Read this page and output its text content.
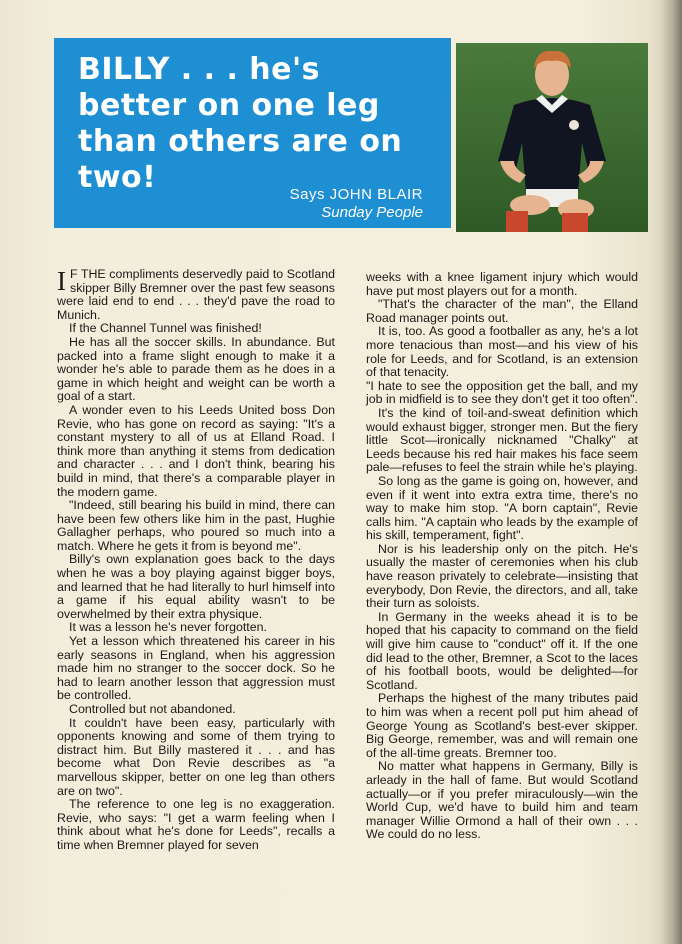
BILLY . . . he's better on one leg than others are on two!	Says JOHN BLAIR
Sunday People

I F THE compliments deservedly paid to Scotland skipper Billy Bremner over the past few seasons were laid end to end . . . they'd pave the road to Munich.

If the Channel Tunnel was finished!

He has all the soccer skills. In abundance. But packed into a frame slight enough to make it a wonder he's able to parade them as he does in a game in which height and weight can be worth a goal of a start.

A wonder even to his Leeds United boss Don Revie, who has gone on record as saying: "It's a constant mystery to all of us at Elland Road. I think more than anything it stems from dedication and character . . . and I don't think, bearing his build in mind, that there's a comparable player in the modern game.

"Indeed, still bearing his build in mind, there can have been few others like him in the past, Hughie Gallagher perhaps, who poured so much into a match. Where he gets it from is beyond me".

Billy's own explanation goes back to the days when he was a boy playing against bigger boys, and learned that he had literally to hurl himself into a game if his equal ability wasn't to be overwhelmed by their extra physique.

It was a lesson he's never forgotten.

Yet a lesson which threatened his career in his early seasons in England, when his aggression made him no stranger to the soccer dock. So he had to learn another lesson that aggression must be controlled.

Controlled but not abandoned.

It couldn't have been easy, particularly with opponents knowing and some of them trying to distract him. But Billy mastered it . . . and has become what Don Revie describes as "a marvellous skipper, better on one leg than others are on two".

The reference to one leg is no exaggeration. Revie, who says: "I get a warm feeling when I think about what he's done for Leeds", recalls a time when Bremner played for seven

weeks with a knee ligament injury which would have put most players out for a month.

"That's the character of the man", the Elland Road manager points out.

It is, too. As good a footballer as any, he's a lot more tenacious than most—and his view of his role for Leeds, and for Scotland, is an extension of that tenacity.

"I hate to see the opposition get the ball, and my job in midfield is to see they don't get it too often".

It's the kind of toil-and-sweat definition which would exhaust bigger, stronger men. But the fiery little Scot—ironically nicknamed "Chalky" at Leeds because his red hair makes his face seem pale—refuses to feel the strain while he's playing.

So long as the game is going on, however, and even if it went into extra extra time, there's no way to make him stop. "A born captain", Revie calls him. "A captain who leads by the example of his skill, temperament, fight".

Nor is his leadership only on the pitch. He's usually the master of ceremonies when his club have reason privately to celebrate—insisting that everybody, Don Revie, the directors, and all, take their turn as soloists.

In Germany in the weeks ahead it is to be hoped that his capacity to command on the field will give him cause to "conduct" off it. If the one did lead to the other, Bremner, a Scot to the laces of his football boots, would be delighted—for Scotland.

Perhaps the highest of the many tributes paid to him was when a recent poll put him ahead of George Young as Scotland's best-ever skipper. Big George, remember, was and will remain one of the all-time greats. Bremner too.

No matter what happens in Germany, Billy is arleady in the hall of fame. But would Scotland actually—or if you prefer miraculously—win the World Cup, we'd have to build him and team manager Willie Ormond a hall of their own . . . We could do no less.
